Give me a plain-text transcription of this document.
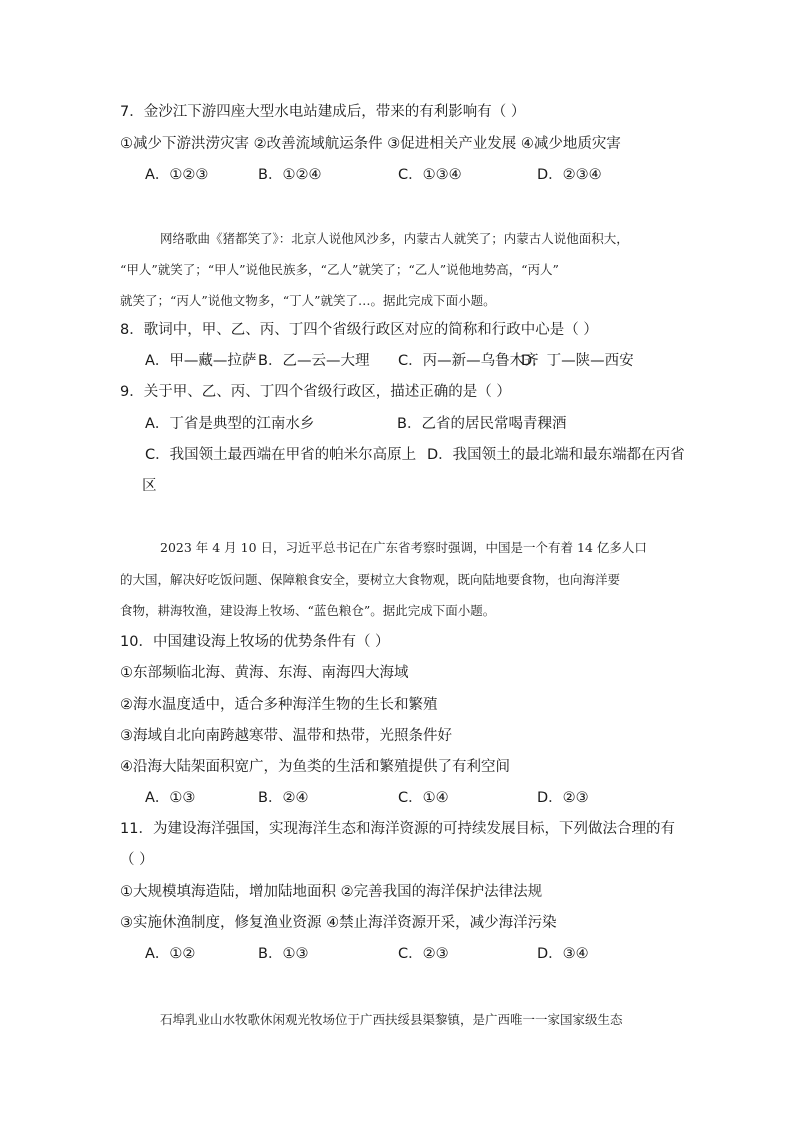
7．金沙江下游四座大型水电站建成后，带来的有利影响有（ ）
①减少下游洪涝灾害 ②改善流域航运条件 ③促进相关产业发展 ④减少地质灾害
A．①②③	B．①②④	C．①③④	D．②③④
网络歌曲《猪都笑了》：北京人说他风沙多，内蒙古人就笑了；内蒙古人说他面积大，
“甲人”就笑了；“甲人”说他民族多，“乙人”就笑了；“乙人”说他地势高，“丙人”
就笑了；“丙人”说他文物多，“丁人”就笑了…。据此完成下面小题。
8．歌词中，甲、乙、丙、丁四个省级行政区对应的简称和行政中心是（ ）
A．甲—藏—拉萨 B．乙—云—大理 C．丙—新—乌鲁木齐
D．丁—陕—西安
9．关于甲、乙、丙、丁四个省级行政区，描述正确的是（ ）
A．丁省是典型的江南水乡	B．乙省的居民常喝青稞酒
C．我国领土最西端在甲省的帕米尔高原上 D．我国领土的最北端和最东端都在丙省
区
2023 年 4 月 10 日，习近平总书记在广东省考察时强调，中国是一个有着 14 亿多人口
的大国，解决好吃饭问题、保障粮食安全，要树立大食物观，既向陆地要食物，也向海洋要
食物，耕海牧渔，建设海上牧场、“蓝色粮仓”。据此完成下面小题。
10．中国建设海上牧场的优势条件有（ ）
①东部频临北海、黄海、东海、南海四大海域
②海水温度适中，适合多种海洋生物的生长和繁殖
③海域自北向南跨越寒带、温带和热带，光照条件好
④沿海大陆架面积宽广，为鱼类的生活和繁殖提供了有利空间
A．①③	B．②④	C．①④	D．②③
11．为建设海洋强国，实现海洋生态和海洋资源的可持续发展目标，下列做法合理的有
（ ）
①大规模填海造陆，增加陆地面积 ②完善我国的海洋保护法律法规
③实施休渔制度，修复渔业资源 ④禁止海洋资源开采，减少海洋污染
A．①②	B．①③	C．②③	D．③④
石埠乳业山水牧歌休闲观光牧场位于广西扶绥县渠黎镇，是广西唯一一家国家级生态
